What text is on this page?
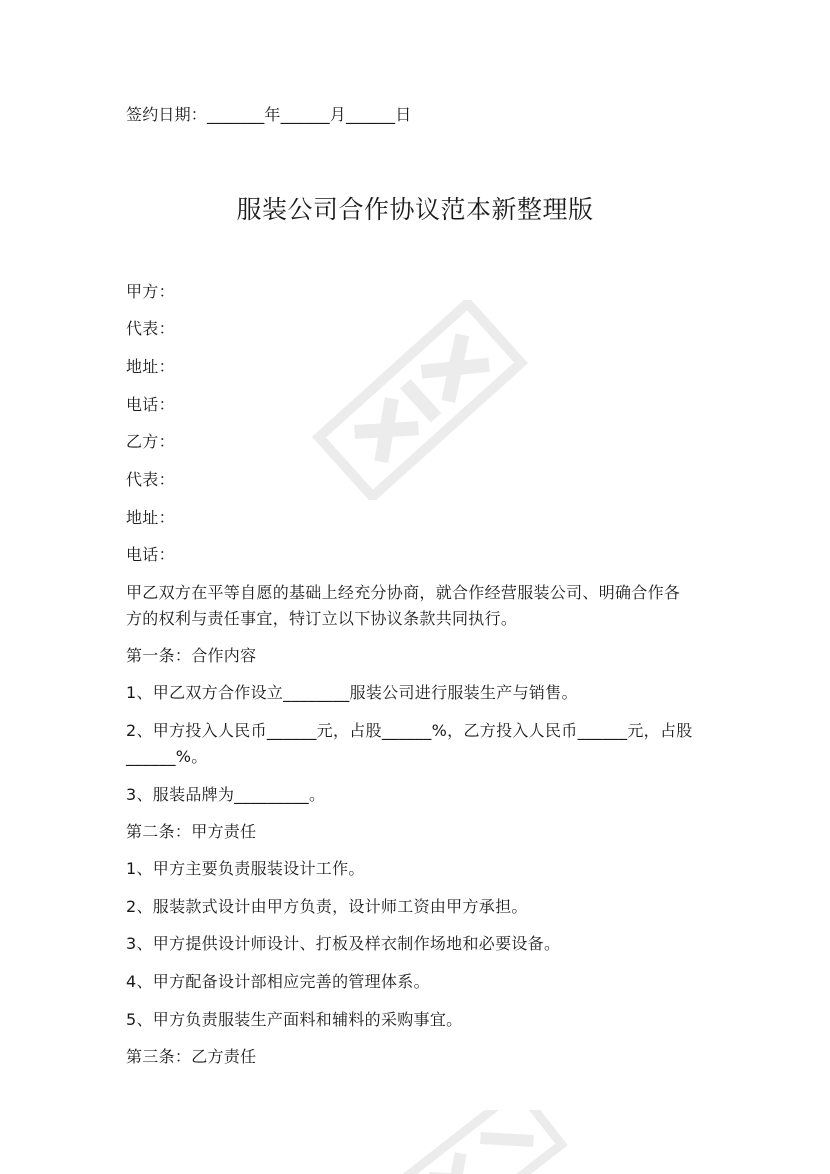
签约日期：_______年______月______日
服装公司合作协议范本新整理版
甲方：
代表：
地址：
电话：
乙方：
代表：
地址：
电话：
甲乙双方在平等自愿的基础上经充分协商，就合作经营服装公司、明确合作各
方的权利与责任事宜，特订立以下协议条款共同执行。
第一条：合作内容
1、甲乙双方合作设立________服装公司进行服装生产与销售。
2、甲方投入人民币______元，占股______%，乙方投入人民币______元，占股
______%。
3、服装品牌为_________。
第二条：甲方责任
1、甲方主要负责服装设计工作。
2、服装款式设计由甲方负责，设计师工资由甲方承担。
3、甲方提供设计师设计、打板及样衣制作场地和必要设备。
4、甲方配备设计部相应完善的管理体系。
5、甲方负责服装生产面料和辅料的采购事宜。
第三条：乙方责任
